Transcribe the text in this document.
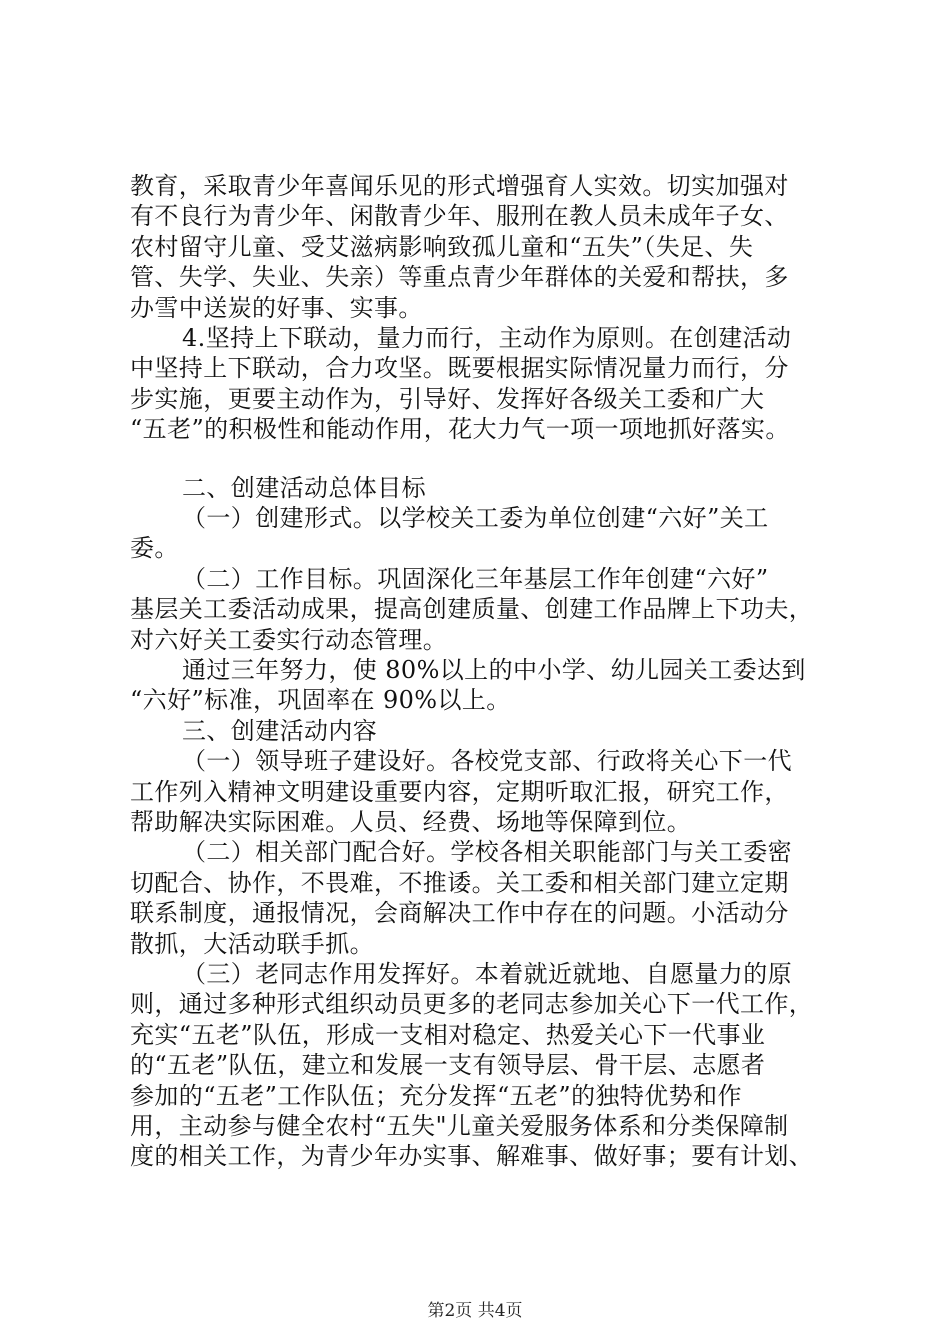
教育，采取青少年喜闻乐见的形式增强育人实效。切实加强对
有不良行为青少年、闲散青少年、服刑在教人员未成年子女、
农村留守儿童、受艾滋病影响致孤儿童和“五失”（失足、失
管、失学、失业、失亲）等重点青少年群体的关爱和帮扶，多
办雪中送炭的好事、实事。
4.坚持上下联动，量力而行，主动作为原则。在创建活动
中坚持上下联动，合力攻坚。既要根据实际情况量力而行，分
步实施，更要主动作为，引导好、发挥好各级关工委和广大
“五老”的积极性和能动作用，花大力气一项一项地抓好落实。
二、创建活动总体目标
（一）创建形式。以学校关工委为单位创建“六好”关工
委。
（二）工作目标。巩固深化三年基层工作年创建“六好”
基层关工委活动成果，提高创建质量、创建工作品牌上下功夫，
对六好关工委实行动态管理。
通过三年努力，使 80%以上的中小学、幼儿园关工委达到
“六好”标准，巩固率在 90%以上。
三、创建活动内容
（一）领导班子建设好。各校党支部、行政将关心下一代
工作列入精神文明建设重要内容，定期听取汇报，研究工作，
帮助解决实际困难。人员、经费、场地等保障到位。
（二）相关部门配合好。学校各相关职能部门与关工委密
切配合、协作，不畏难，不推诿。关工委和相关部门建立定期
联系制度，通报情况，会商解决工作中存在的问题。小活动分
散抓，大活动联手抓。
（三）老同志作用发挥好。本着就近就地、自愿量力的原
则，通过多种形式组织动员更多的老同志参加关心下一代工作，
充实“五老”队伍，形成一支相对稳定、热爱关心下一代事业
的“五老”队伍，建立和发展一支有领导层、骨干层、志愿者
参加的“五老”工作队伍；充分发挥“五老”的独特优势和作
用，主动参与健全农村“五失"儿童关爱服务体系和分类保障制
度的相关工作，为青少年办实事、解难事、做好事；要有计划、
第2页 共4页
